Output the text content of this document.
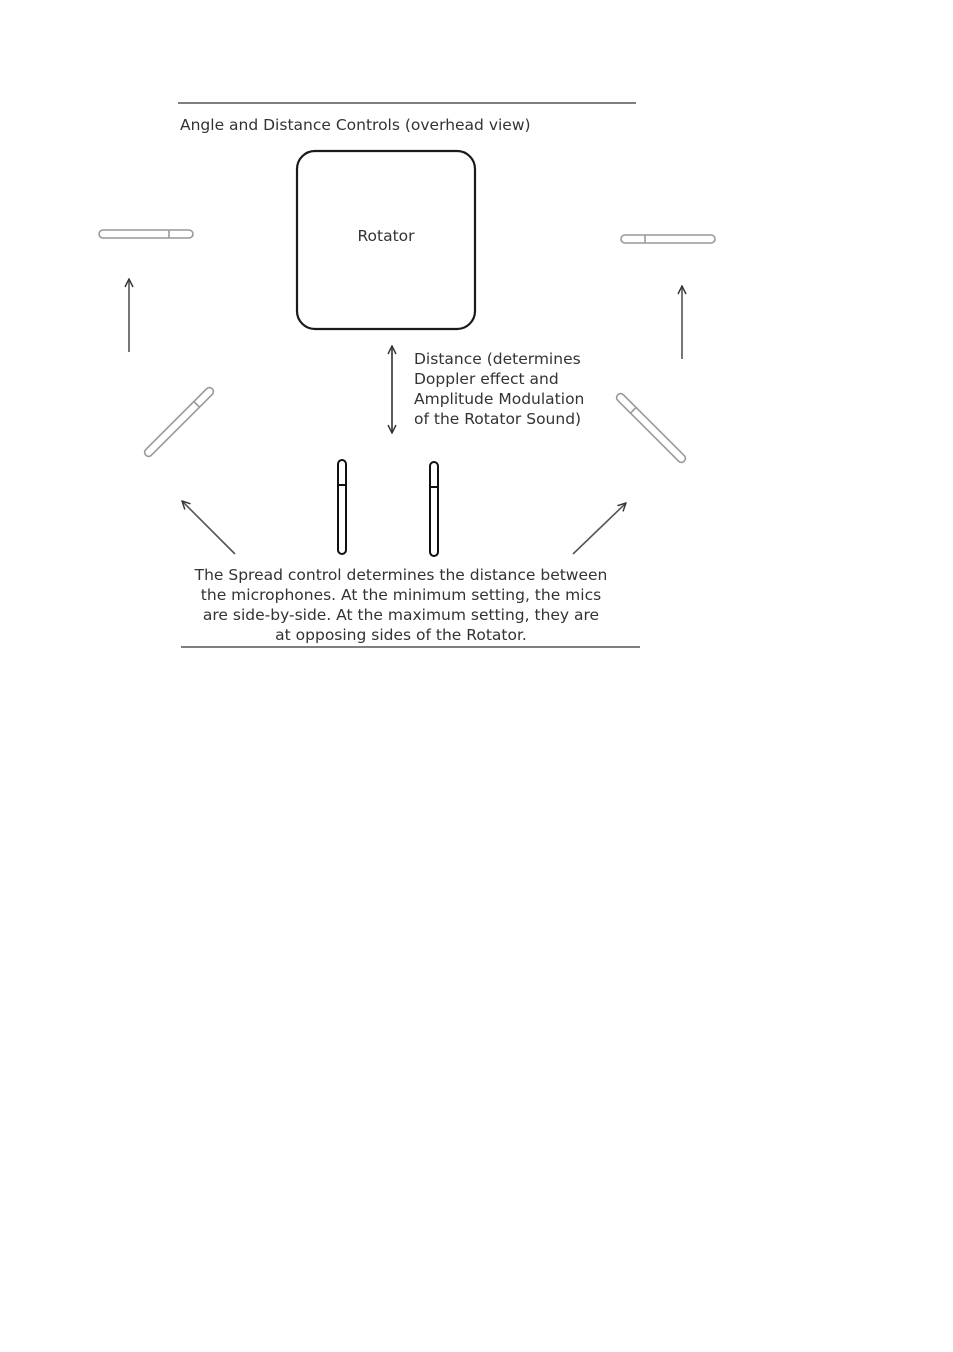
Angle and Distance Controls (overhead view)

Rotator

Distance (determines
Doppler effect and
Amplitude Modulation
of the Rotator Sound)
The Spread control determines the distance between
the microphones. At the minimum setting, the mics
are side-by-side. At the maximum setting, they are
at opposing sides of the Rotator.
